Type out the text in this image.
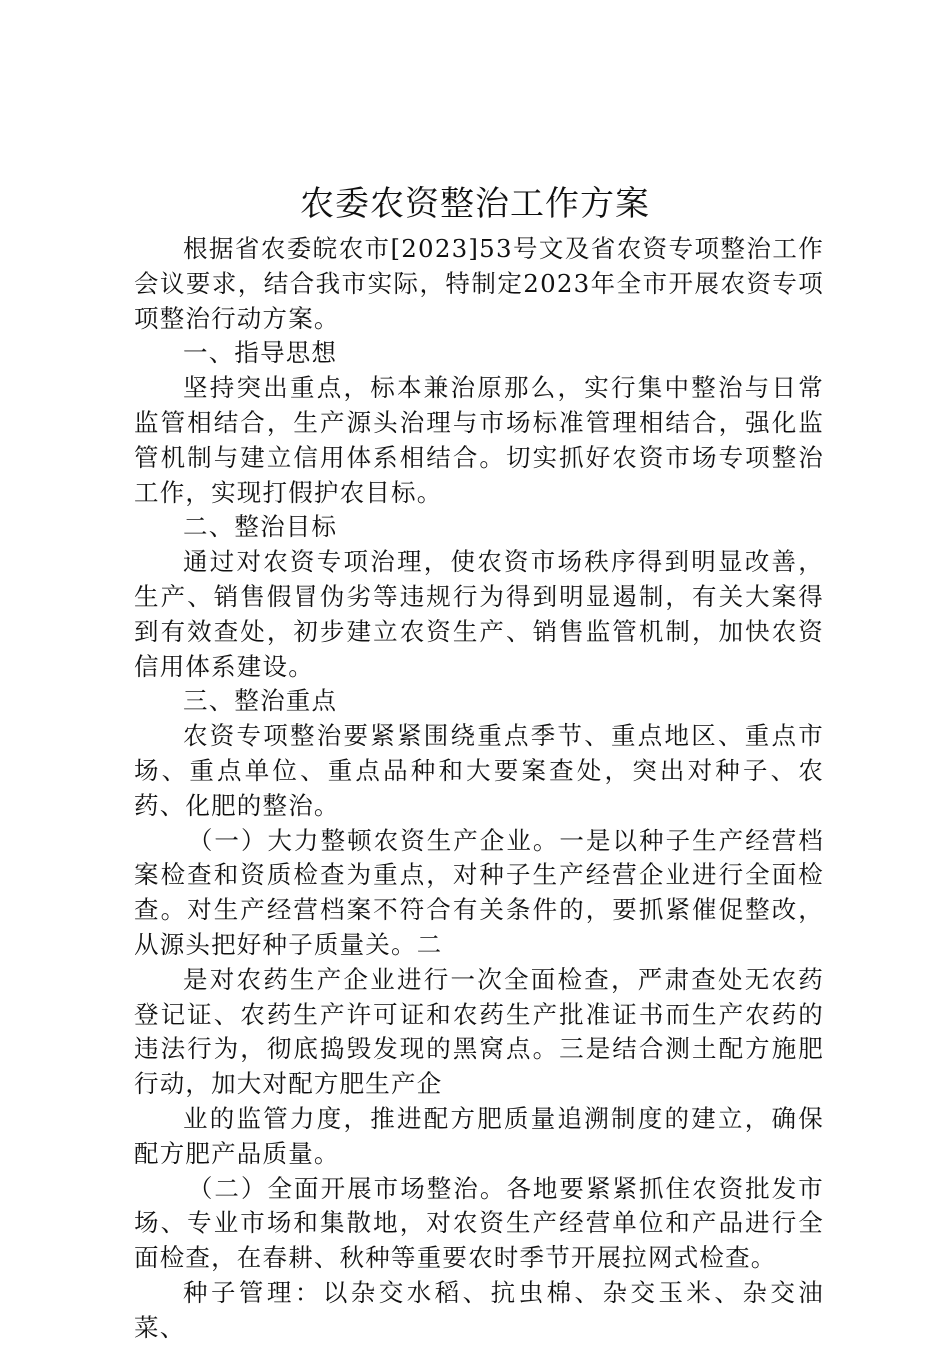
农委农资整治工作方案

根据省农委皖农市[2023]53号文及省农资专项整治工作会议要求，结合我市实际，特制定2023年全市开展农资专项项整治行动方案。

一、指导思想

坚持突出重点，标本兼治原那么，实行集中整治与日常监管相结合，生产源头治理与市场标准管理相结合，强化监管机制与建立信用体系相结合。切实抓好农资市场专项整治工作，实现打假护农目标。

二、整治目标

通过对农资专项治理，使农资市场秩序得到明显改善，生产、销售假冒伪劣等违规行为得到明显遏制，有关大案得到有效查处，初步建立农资生产、销售监管机制，加快农资信用体系建设。

三、整治重点

农资专项整治要紧紧围绕重点季节、重点地区、重点市场、重点单位、重点品种和大要案查处，突出对种子、农药、化肥的整治。

（一）大力整顿农资生产企业。一是以种子生产经营档案检查和资质检查为重点，对种子生产经营企业进行全面检查。对生产经营档案不符合有关条件的，要抓紧催促整改，从源头把好种子质量关。二

是对农药生产企业进行一次全面检查，严肃查处无农药登记证、农药生产许可证和农药生产批准证书而生产农药的违法行为，彻底捣毁发现的黑窝点。三是结合测土配方施肥行动，加大对配方肥生产企

业的监管力度，推进配方肥质量追溯制度的建立，确保配方肥产品质量。

（二）全面开展市场整治。各地要紧紧抓住农资批发市场、专业市场和集散地，对农资生产经营单位和产品进行全面检查，在春耕、秋种等重要农时季节开展拉网式检查。

种子管理：以杂交水稻、抗虫棉、杂交玉米、杂交油菜、
